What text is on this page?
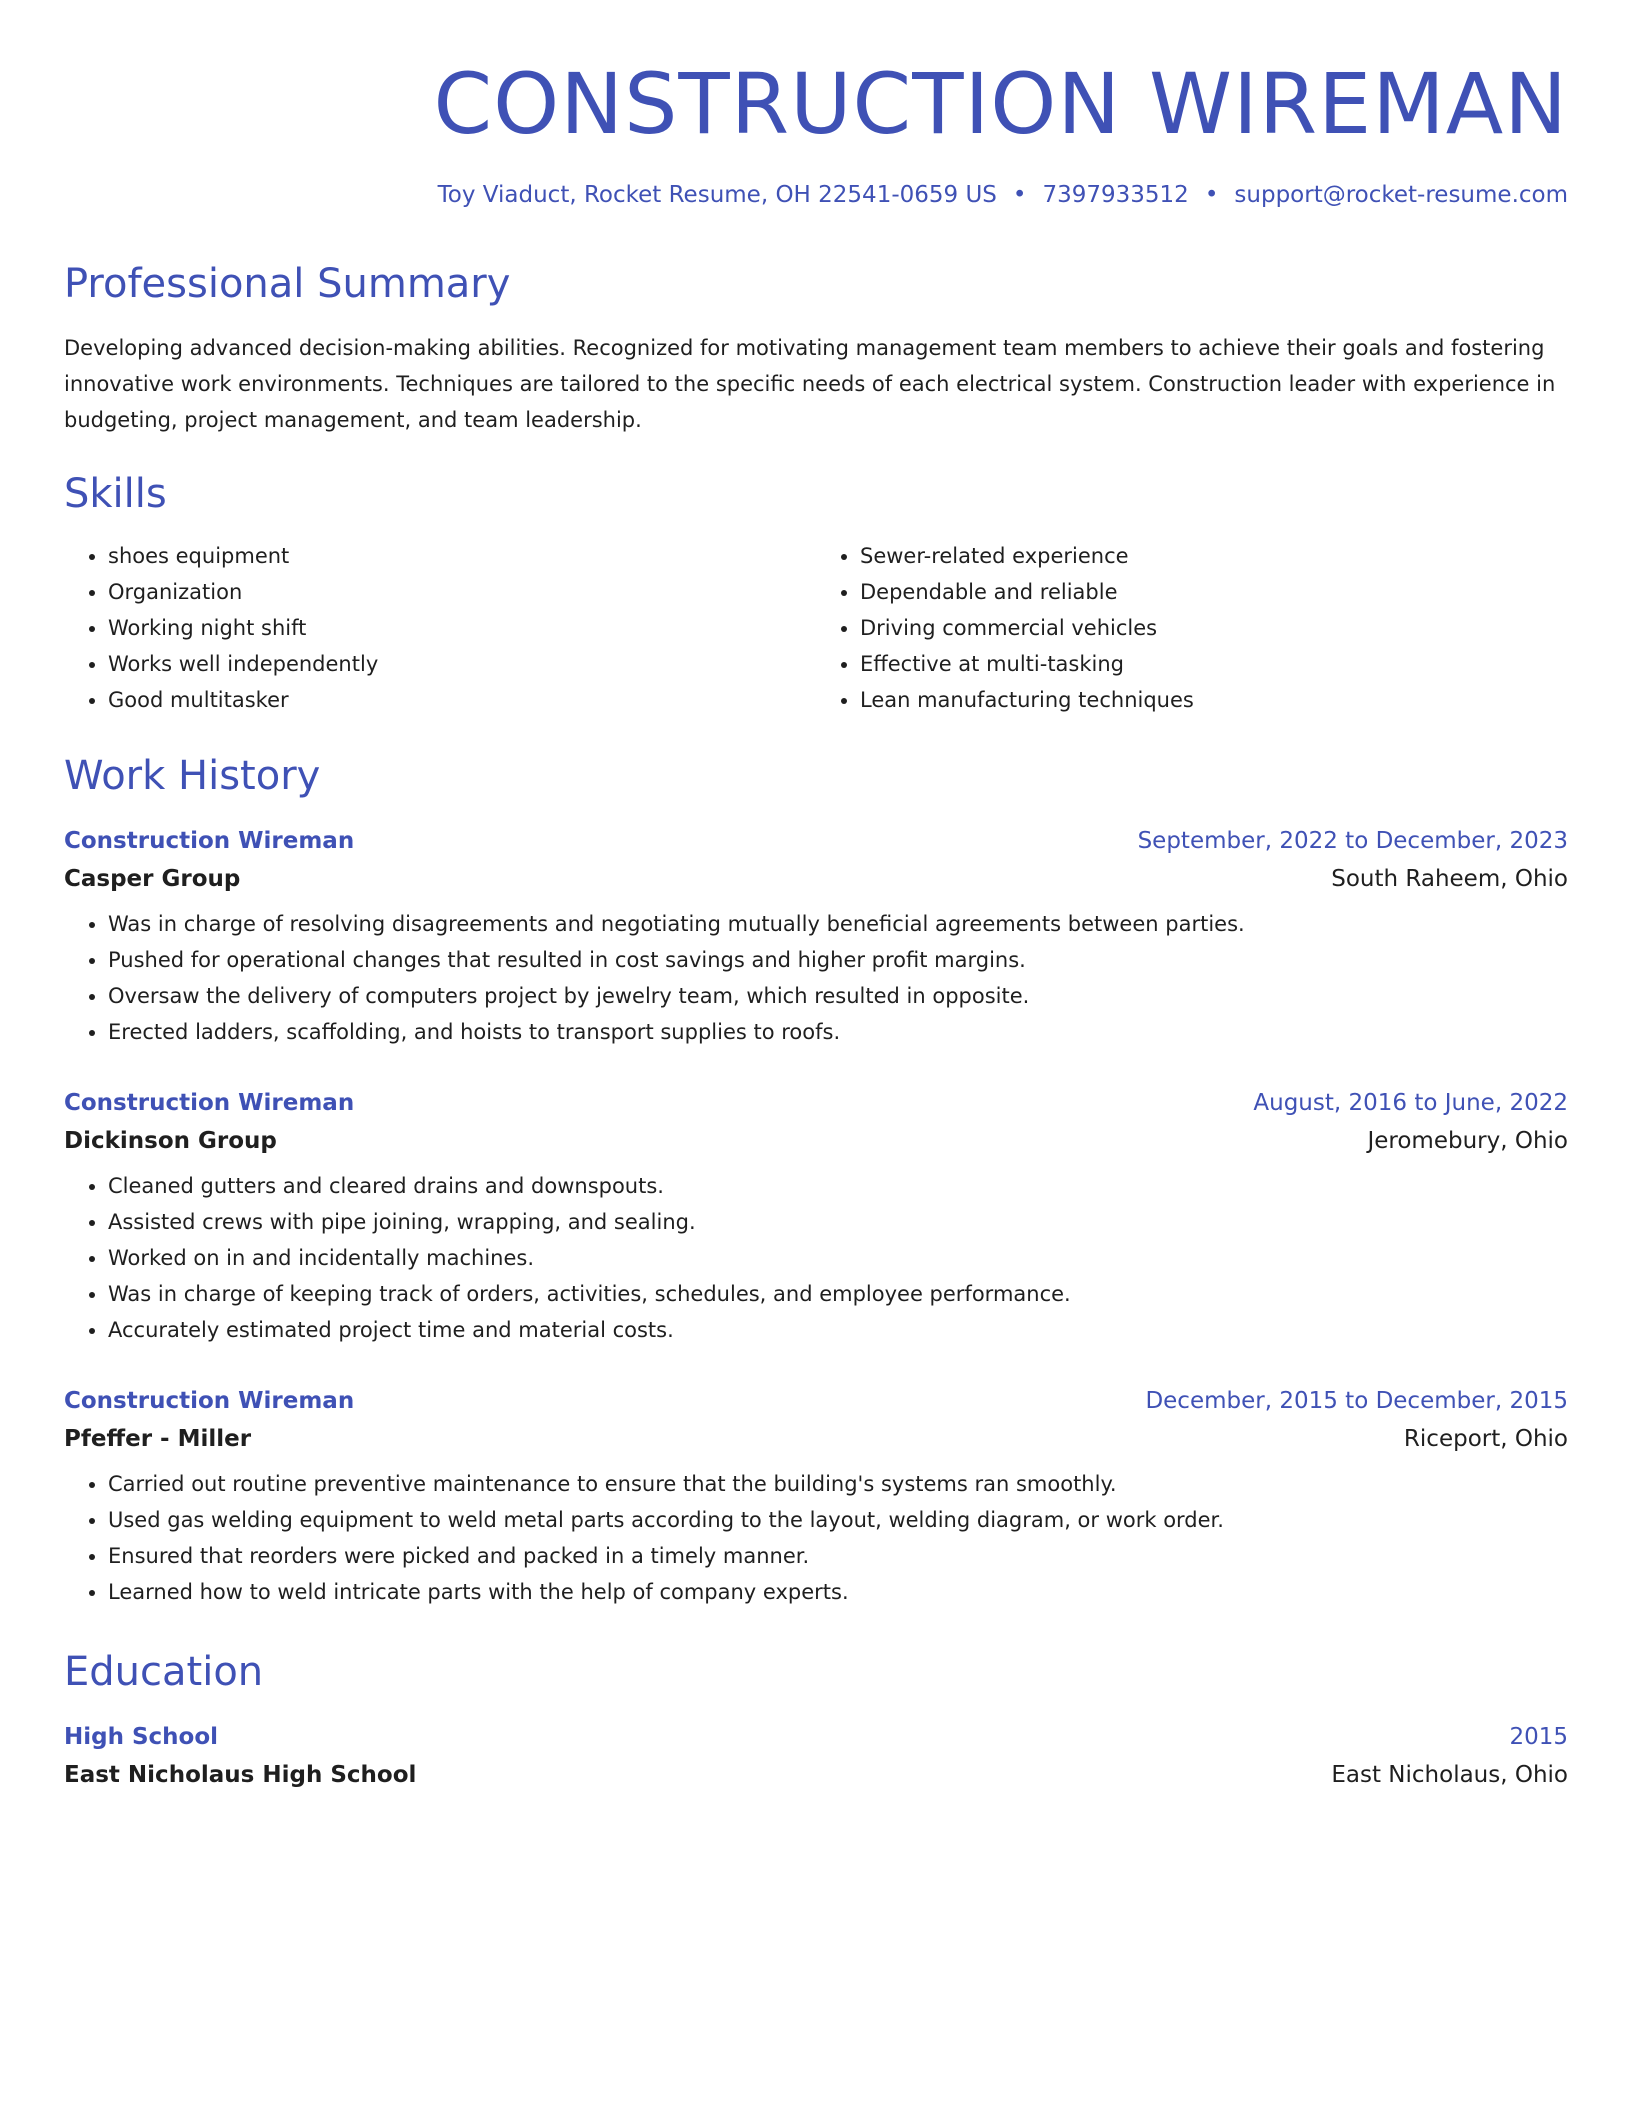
CONSTRUCTION WIREMAN
Toy Viaduct, Rocket Resume, OH 22541-0659 US • 7397933512 • support@rocket-resume.com
Professional Summary

Developing advanced decision-making abilities. Recognized for motivating management team members to achieve their goals and fostering innovative work environments. Techniques are tailored to the specific needs of each electrical system. Construction leader with experience in budgeting, project management, and team leadership.

Skills
• shoes equipment
• Organization
• Working night shift
• Works well independently
• Good multitasker
• Sewer-related experience
• Dependable and reliable
• Driving commercial vehicles
• Effective at multi-tasking
• Lean manufacturing techniques
Work History
Construction Wireman	September, 2022 to December, 2023
Casper Group	South Raheem, Ohio
• Was in charge of resolving disagreements and negotiating mutually beneficial agreements between parties.
• Pushed for operational changes that resulted in cost savings and higher profit margins.
• Oversaw the delivery of computers project by jewelry team, which resulted in opposite.
• Erected ladders, scaffolding, and hoists to transport supplies to roofs.
Construction Wireman	August, 2016 to June, 2022
Dickinson Group	Jeromebury, Ohio
• Cleaned gutters and cleared drains and downspouts.
• Assisted crews with pipe joining, wrapping, and sealing.
• Worked on in and incidentally machines.
• Was in charge of keeping track of orders, activities, schedules, and employee performance.
• Accurately estimated project time and material costs.
Construction Wireman	December, 2015 to December, 2015
Pfeffer - Miller	Riceport, Ohio
• Carried out routine preventive maintenance to ensure that the building's systems ran smoothly.
• Used gas welding equipment to weld metal parts according to the layout, welding diagram, or work order.
• Ensured that reorders were picked and packed in a timely manner.
• Learned how to weld intricate parts with the help of company experts.
Education
High School	2015
East Nicholaus High School	East Nicholaus, Ohio
